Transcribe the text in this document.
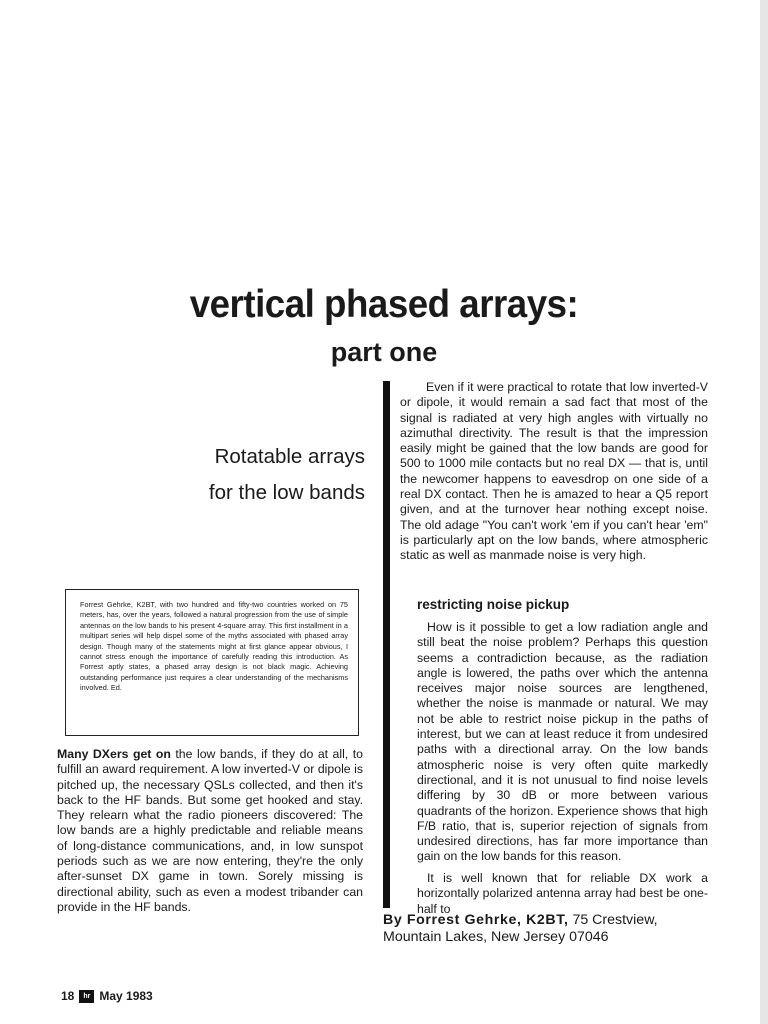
vertical phased arrays:
part one

Rotatable arrays

for the low bands

Forrest Gehrke, K2BT, with two hundred and fifty-two countries worked on 75 meters, has, over the years, followed a natural progression from the use of simple antennas on the low bands to his present 4-square array. This first installment in a multipart series will help dispel some of the myths associated with phased array design. Though many of the statements might at first glance appear obvious, I cannot stress enough the importance of carefully reading this introduction. As Forrest aptly states, a phased array design is not black magic. Achieving outstanding performance just requires a clear understanding of the mechanisms involved. Ed.

Many DXers get on the low bands, if they do at all, to fulfill an award requirement. A low inverted-V or dipole is pitched up, the necessary QSLs collected, and then it's back to the HF bands. But some get hooked and stay. They relearn what the radio pioneers discovered: The low bands are a highly predictable and reliable means of long-distance communications, and, in low sunspot periods such as we are now entering, they're the only after-sunset DX game in town. Sorely missing is directional ability, such as even a modest tribander can provide in the HF bands.

Even if it were practical to rotate that low inverted-V or dipole, it would remain a sad fact that most of the signal is radiated at very high angles with virtually no azimuthal directivity. The result is that the impression easily might be gained that the low bands are good for 500 to 1000 mile contacts but no real DX — that is, until the newcomer happens to eavesdrop on one side of a real DX contact. Then he is amazed to hear a Q5 report given, and at the turnover hear nothing except noise. The old adage "You can't work 'em if you can't hear 'em" is particularly apt on the low bands, where atmospheric static as well as manmade noise is very high.

restricting noise pickup

How is it possible to get a low radiation angle and still beat the noise problem? Perhaps this question seems a contradiction because, as the radiation angle is lowered, the paths over which the antenna receives major noise sources are lengthened, whether the noise is manmade or natural. We may not be able to restrict noise pickup in the paths of interest, but we can at least reduce it from undesired paths with a directional array. On the low bands atmospheric noise is very often quite markedly directional, and it is not unusual to find noise levels differing by 30 dB or more between various quadrants of the horizon. Experience shows that high F/B ratio, that is, superior rejection of signals from undesired directions, has far more importance than gain on the low bands for this reason.

It is well known that for reliable DX work a horizontally polarized antenna array had best be one-half to

By Forrest Gehrke, K2BT, 75 Crestview,
Mountain Lakes, New Jersey 07046

18	hr May 1983
